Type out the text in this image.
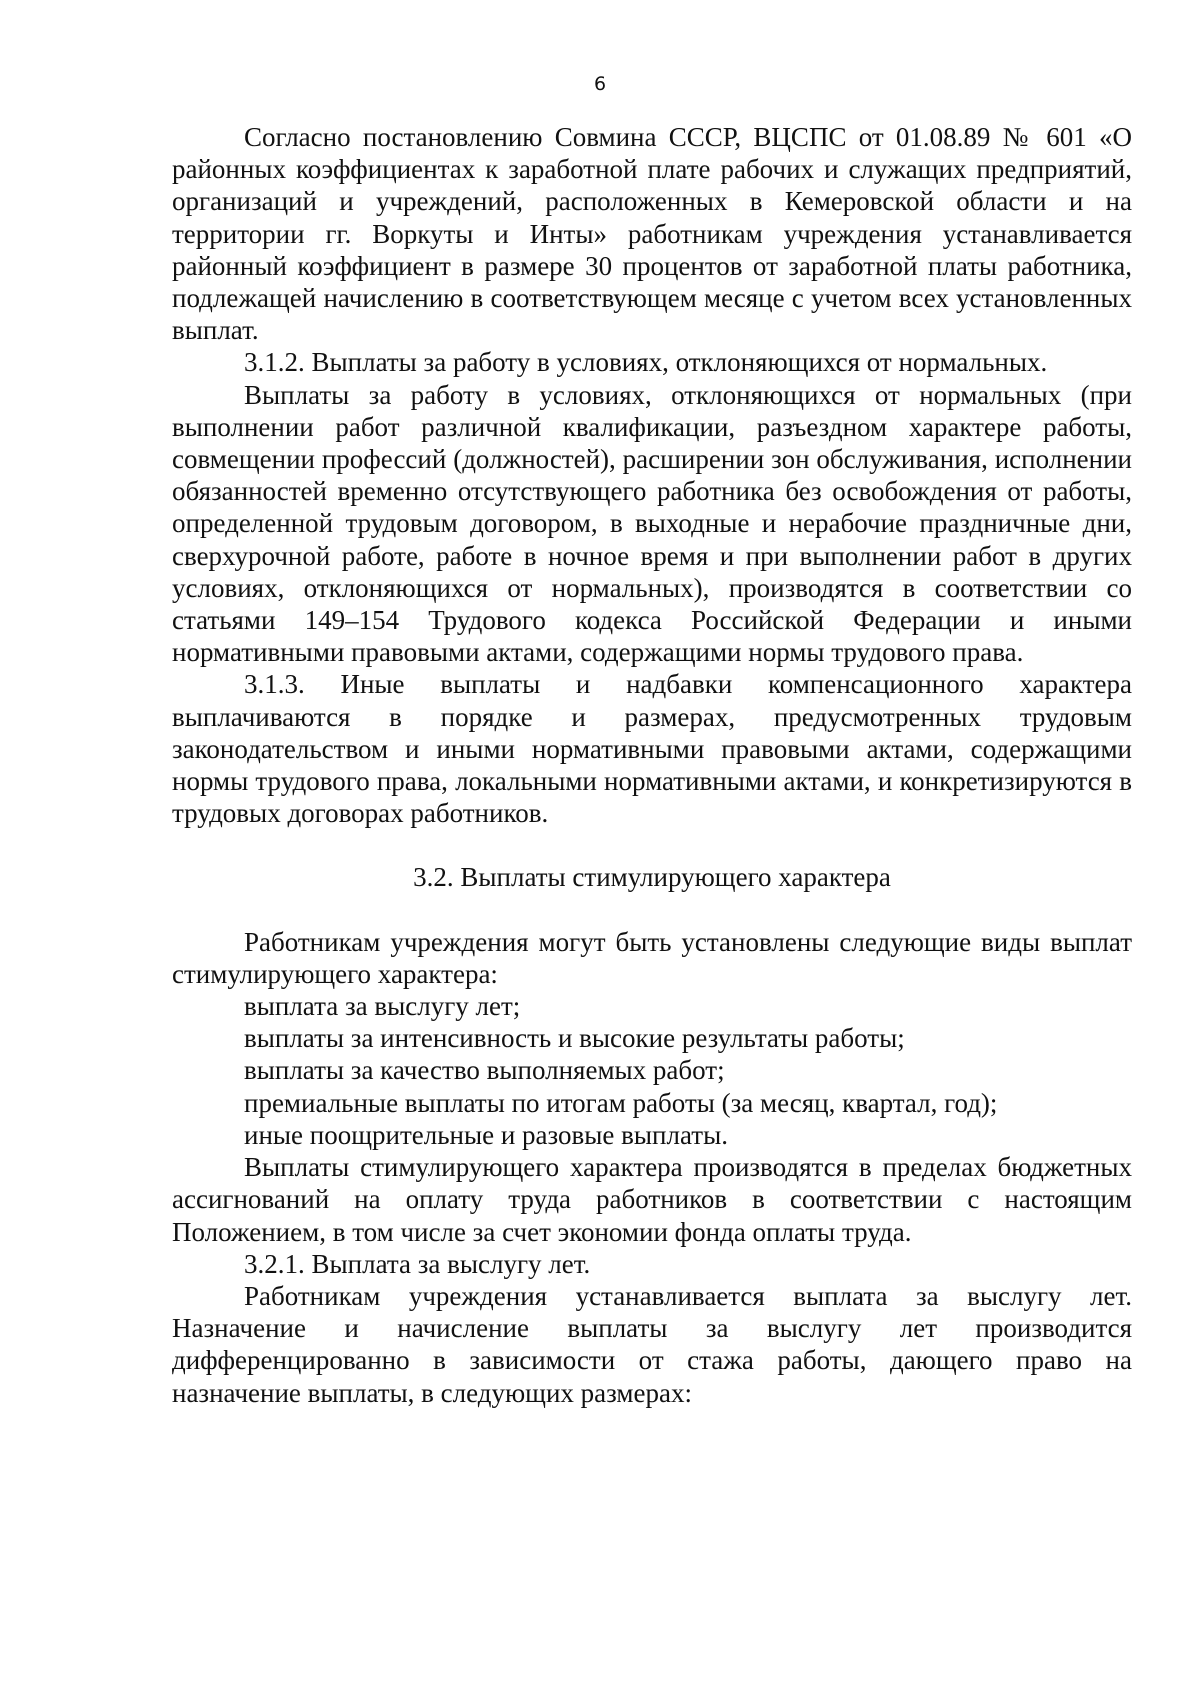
6

Согласно постановлению Совмина СССР, ВЦСПС от 01.08.89 № 601 «О районных коэффициентах к заработной плате рабочих и служащих предприятий, организаций и учреждений, расположенных в Кемеровской области и на территории гг. Воркуты и Инты» работникам учреждения устанавливается районный коэффициент в размере 30 процентов от заработной платы работника, подлежащей начислению в соответствующем месяце с учетом всех установленных выплат.

3.1.2. Выплаты за работу в условиях, отклоняющихся от нормальных.

Выплаты за работу в условиях, отклоняющихся от нормальных (при выполнении работ различной квалификации, разъездном характере работы, совмещении профессий (должностей), расширении зон обслуживания, исполнении обязанностей временно отсутствующего работника без освобождения от работы, определенной трудовым договором, в выходные и нерабочие праздничные дни, сверхурочной работе, работе в ночное время и при выполнении работ в других условиях, отклоняющихся от нормальных), производятся в соответствии со статьями 149–154 Трудового кодекса Российской Федерации и иными нормативными правовыми актами, содержащими нормы трудового права.

3.1.3. Иные выплаты и надбавки компенсационного характера выплачиваются в порядке и размерах, предусмотренных трудовым законодательством и иными нормативными правовыми актами, содержащими нормы трудового права, локальными нормативными актами, и конкретизируются в трудовых договорах работников.

3.2. Выплаты стимулирующего характера

Работникам учреждения могут быть установлены следующие виды выплат стимулирующего характера:

выплата за выслугу лет;

выплаты за интенсивность и высокие результаты работы;

выплаты за качество выполняемых работ;

премиальные выплаты по итогам работы (за месяц, квартал, год);

иные поощрительные и разовые выплаты.

Выплаты стимулирующего характера производятся в пределах бюджетных ассигнований на оплату труда работников в соответствии с настоящим Положением, в том числе за счет экономии фонда оплаты труда.

3.2.1. Выплата за выслугу лет.

Работникам учреждения устанавливается выплата за выслугу лет. Назначение и начисление выплаты за выслугу лет производится дифференцированно в зависимости от стажа работы, дающего право на назначение выплаты, в следующих размерах:
